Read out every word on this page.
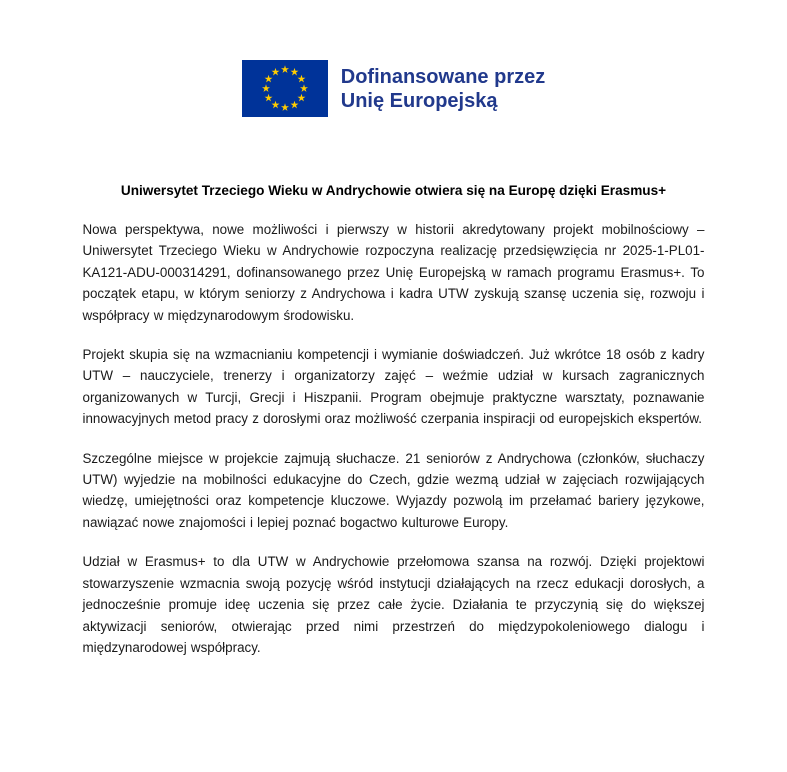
Dofinansowane przez
Unię Europejską
Uniwersytet Trzeciego Wieku w Andrychowie otwiera się na Europę dzięki Erasmus+

Nowa perspektywa, nowe możliwości i pierwszy w historii akredytowany projekt mobilnościowy – Uniwersytet Trzeciego Wieku w Andrychowie rozpoczyna realizację przedsięwzięcia nr 2025-1-PL01-KA121-ADU-000314291, dofinansowanego przez Unię Europejską w ramach programu Erasmus+. To początek etapu, w którym seniorzy z Andrychowa i kadra UTW zyskują szansę uczenia się, rozwoju i współpracy w międzynarodowym środowisku.

Projekt skupia się na wzmacnianiu kompetencji i wymianie doświadczeń. Już wkrótce 18 osób z kadry UTW – nauczyciele, trenerzy i organizatorzy zajęć – weźmie udział w kursach zagranicznych organizowanych w Turcji, Grecji i Hiszpanii. Program obejmuje praktyczne warsztaty, poznawanie innowacyjnych metod pracy z dorosłymi oraz możliwość czerpania inspiracji od europejskich ekspertów.

Szczególne miejsce w projekcie zajmują słuchacze. 21 seniorów z Andrychowa (członków, słuchaczy UTW) wyjedzie na mobilności edukacyjne do Czech, gdzie wezmą udział w zajęciach rozwijających wiedzę, umiejętności oraz kompetencje kluczowe. Wyjazdy pozwolą im przełamać bariery językowe, nawiązać nowe znajomości i lepiej poznać bogactwo kulturowe Europy.

Udział w Erasmus+ to dla UTW w Andrychowie przełomowa szansa na rozwój. Dzięki projektowi stowarzyszenie wzmacnia swoją pozycję wśród instytucji działających na rzecz edukacji dorosłych, a jednocześnie promuje ideę uczenia się przez całe życie. Działania te przyczynią się do większej aktywizacji seniorów, otwierając przed nimi przestrzeń do międzypokoleniowego dialogu i międzynarodowej współpracy.
